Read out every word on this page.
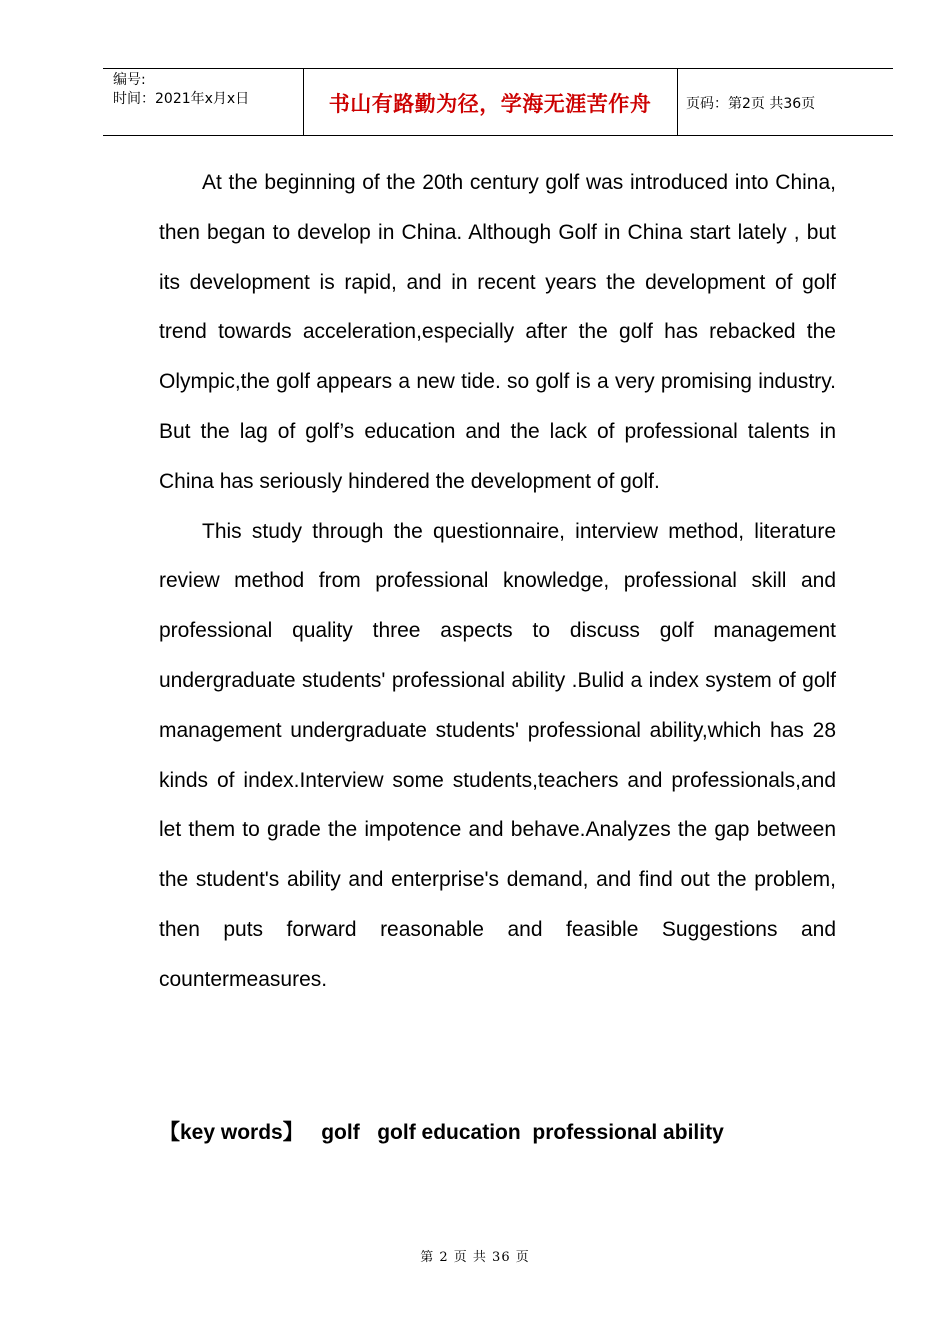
编号:
时间：2021年x月x日	书山有路勤为径，学海无涯苦作舟	页码：第2页 共36页

At the beginning of the 20th century golf was introduced into China, then began to develop in China. Although Golf in China start lately , but its development is rapid, and in recent years the development of golf trend towards acceleration,especially after the golf has rebacked the Olympic,the golf appears a new tide. so golf is a very promising industry. But the lag of golf’s education and the lack of professional talents in China has seriously hindered the development of golf.

This study through the questionnaire, interview method, literature review method from professional knowledge, professional skill and professional quality three aspects to discuss golf management undergraduate students' professional ability .Bulid a index system of golf management undergraduate students' professional ability,which has 28 kinds of index.Interview some students,teachers and professionals,and let them to grade the impotence and behave.Analyzes the gap between the student's ability and enterprise's demand, and find out the problem, then puts forward reasonable and feasible Suggestions and countermeasures.

【key words】   golf   golf education  professional ability
第 2 页 共 36 页
